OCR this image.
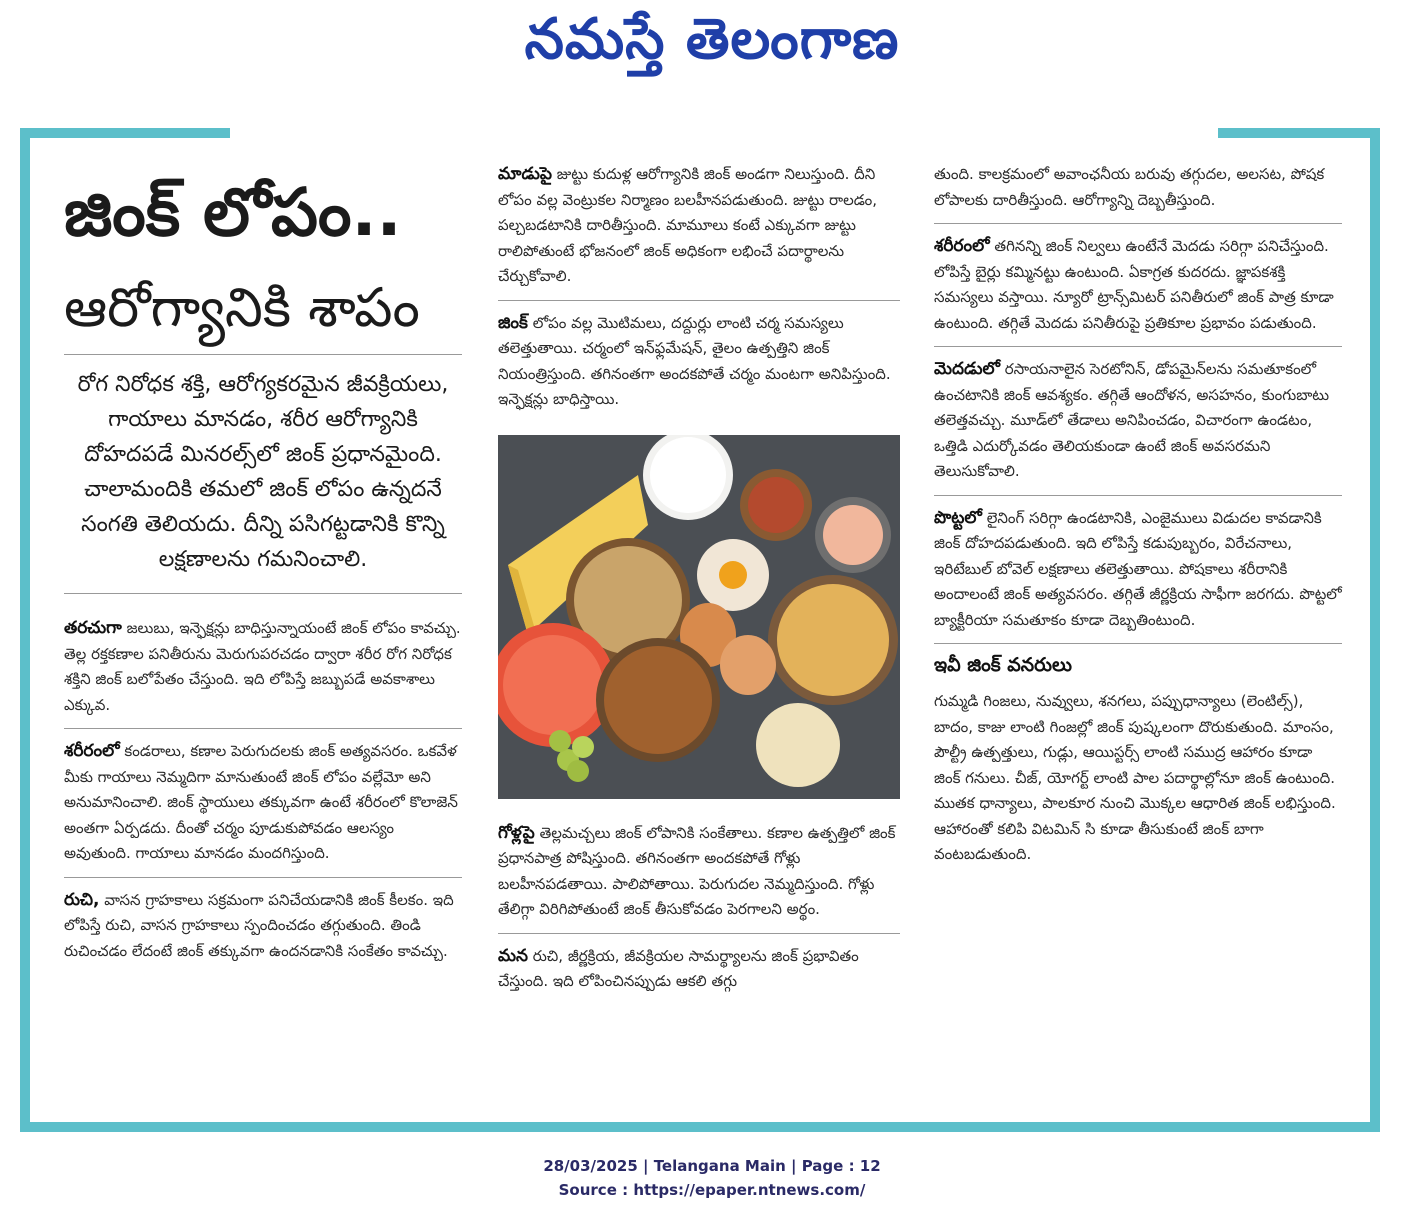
నమస్తే తెలంగాణ
జింక్ లోపం..
ఆరోగ్యానికి శాపం
రోగ నిరోధక శక్తి, ఆరోగ్యకరమైన జీవక్రియలు, గాయాలు మానడం, శరీర ఆరోగ్యానికి దోహదపడే మినరల్స్‌లో జింక్ ప్రధానమైంది. చాలామందికి తమలో జింక్ లోపం ఉన్నదనే సంగతి తెలియదు. దీన్ని పసిగట్టడానికి కొన్ని లక్షణాలను గమనించాలి.

తరచుగా జలుబు, ఇన్ఫెక్షన్లు బాధిస్తున్నాయంటే జింక్ లోపం కావచ్చు. తెల్ల రక్తకణాల పనితీరును మెరుగుపరచడం ద్వారా శరీర రోగ నిరోధక శక్తిని జింక్ బలోపేతం చేస్తుంది. ఇది లోపిస్తే జబ్బుపడే అవకాశాలు ఎక్కువ.

శరీరంలో కండరాలు, కణాల పెరుగుదలకు జింక్ అత్యవసరం. ఒకవేళ మీకు గాయాలు నెమ్మదిగా మానుతుంటే జింక్ లోపం వల్లేమో అని అనుమానించాలి. జింక్ స్థాయులు తక్కువగా ఉంటే శరీరంలో కొలాజెన్ అంతగా ఏర్పడదు. దీంతో చర్మం పూడుకుపోవడం ఆలస్యం అవుతుంది. గాయాలు మానడం మందగిస్తుంది.

రుచి, వాసన గ్రాహకాలు సక్రమంగా పనిచేయడానికి జింక్ కీలకం. ఇది లోపిస్తే రుచి, వాసన గ్రాహకాలు స్పందించడం తగ్గుతుంది. తిండి రుచించడం లేదంటే జింక్ తక్కువగా ఉందనడానికి సంకేతం కావచ్చు.

మాడుపై జుట్టు కుదుళ్ల ఆరోగ్యానికి జింక్ అండగా నిలుస్తుంది. దీని లోపం వల్ల వెంట్రుకల నిర్మాణం బలహీనపడుతుంది. జుట్టు రాలడం, పల్చబడటానికి దారితీస్తుంది. మామూలు కంటే ఎక్కువగా జుట్టు రాలిపోతుంటే భోజనంలో జింక్ అధికంగా లభించే పదార్థాలను చేర్చుకోవాలి.

జింక్ లోపం వల్ల మొటిమలు, దద్దుర్లు లాంటి చర్మ సమస్యలు తలెత్తుతాయి. చర్మంలో ఇన్‌ఫ్లమేషన్, తైలం ఉత్పత్తిని జింక్ నియంత్రిస్తుంది. తగినంతగా అందకపోతే చర్మం మంటగా అనిపిస్తుంది. ఇన్ఫెక్షన్లు బాధిస్తాయి.

గోళ్లపై తెల్లమచ్చలు జింక్ లోపానికి సంకేతాలు. కణాల ఉత్పత్తిలో జింక్ ప్రధానపాత్ర పోషిస్తుంది. తగినంతగా అందకపోతే గోళ్లు బలహీనపడతాయి. పాలిపోతాయి. పెరుగుదల నెమ్మదిస్తుంది. గోళ్లు తేలిగ్గా విరిగిపోతుంటే జింక్ తీసుకోవడం పెరగాలని అర్థం.

మన రుచి, జీర్ణక్రియ, జీవక్రియల సామర్థ్యాలను జింక్ ప్రభావితం చేస్తుంది. ఇది లోపించినప్పుడు ఆకలి తగ్గు

తుంది. కాలక్రమంలో అవాంఛనీయ బరువు తగ్గుదల, అలసట, పోషక లోపాలకు దారితీస్తుంది. ఆరోగ్యాన్ని దెబ్బతీస్తుంది.

శరీరంలో తగినన్ని జింక్ నిల్వలు ఉంటేనే మెదడు సరిగ్గా పనిచేస్తుంది. లోపిస్తే బైర్లు కమ్మినట్టు ఉంటుంది. ఏకాగ్రత కుదరదు. జ్ఞాపకశక్తి సమస్యలు వస్తాయి. న్యూరో ట్రాన్స్‌మిటర్ పనితీరులో జింక్ పాత్ర కూడా ఉంటుంది. తగ్గితే మెదడు పనితీరుపై ప్రతికూల ప్రభావం పడుతుంది.

మెదడులో రసాయనాలైన సెరటోనిన్, డోపమైన్‌లను సమతూకంలో ఉంచటానికి జింక్ ఆవశ్యకం. తగ్గితే ఆందోళన, అసహనం, కుంగుబాటు తలెత్తవచ్చు. మూడ్‌లో తేడాలు అనిపించడం, విచారంగా ఉండటం, ఒత్తిడి ఎదుర్కోవడం తెలియకుండా ఉంటే జింక్ అవసరమని తెలుసుకోవాలి.

పొట్టలో లైనింగ్ సరిగ్గా ఉండటానికి, ఎంజైములు విడుదల కావడానికి జింక్ దోహదపడుతుంది. ఇది లోపిస్తే కడుపుబ్బరం, విరేచనాలు, ఇరిటేబుల్ బోవెల్ లక్షణాలు తలెత్తుతాయి. పోషకాలు శరీరానికి అందాలంటే జింక్ అత్యవసరం. తగ్గితే జీర్ణక్రియ సాఫీగా జరగదు. పొట్టలో బ్యాక్టీరియా సమతూకం కూడా దెబ్బతింటుంది.

ఇవీ జింక్ వనరులు

గుమ్మడి గింజలు, నువ్వులు, శనగలు, పప్పుధాన్యాలు (లెంటిల్స్), బాదం, కాజు లాంటి గింజల్లో జింక్ పుష్కలంగా దొరుకుతుంది. మాంసం, పౌల్ట్రీ ఉత్పత్తులు, గుడ్లు, ఆయిస్టర్స్ లాంటి సముద్ర ఆహారం కూడా జింక్ గనులు. చీజ్, యోగర్ట్ లాంటి పాల పదార్థాల్లోనూ జింక్ ఉంటుంది. ముతక ధాన్యాలు, పాలకూర నుంచి మొక్కల ఆధారిత జింక్ లభిస్తుంది. ఆహారంతో కలిపి విటమిన్ సి కూడా తీసుకుంటే జింక్ బాగా వంటబడుతుంది.

28/03/2025 | Telangana Main | Page : 12
Source : https://epaper.ntnews.com/
